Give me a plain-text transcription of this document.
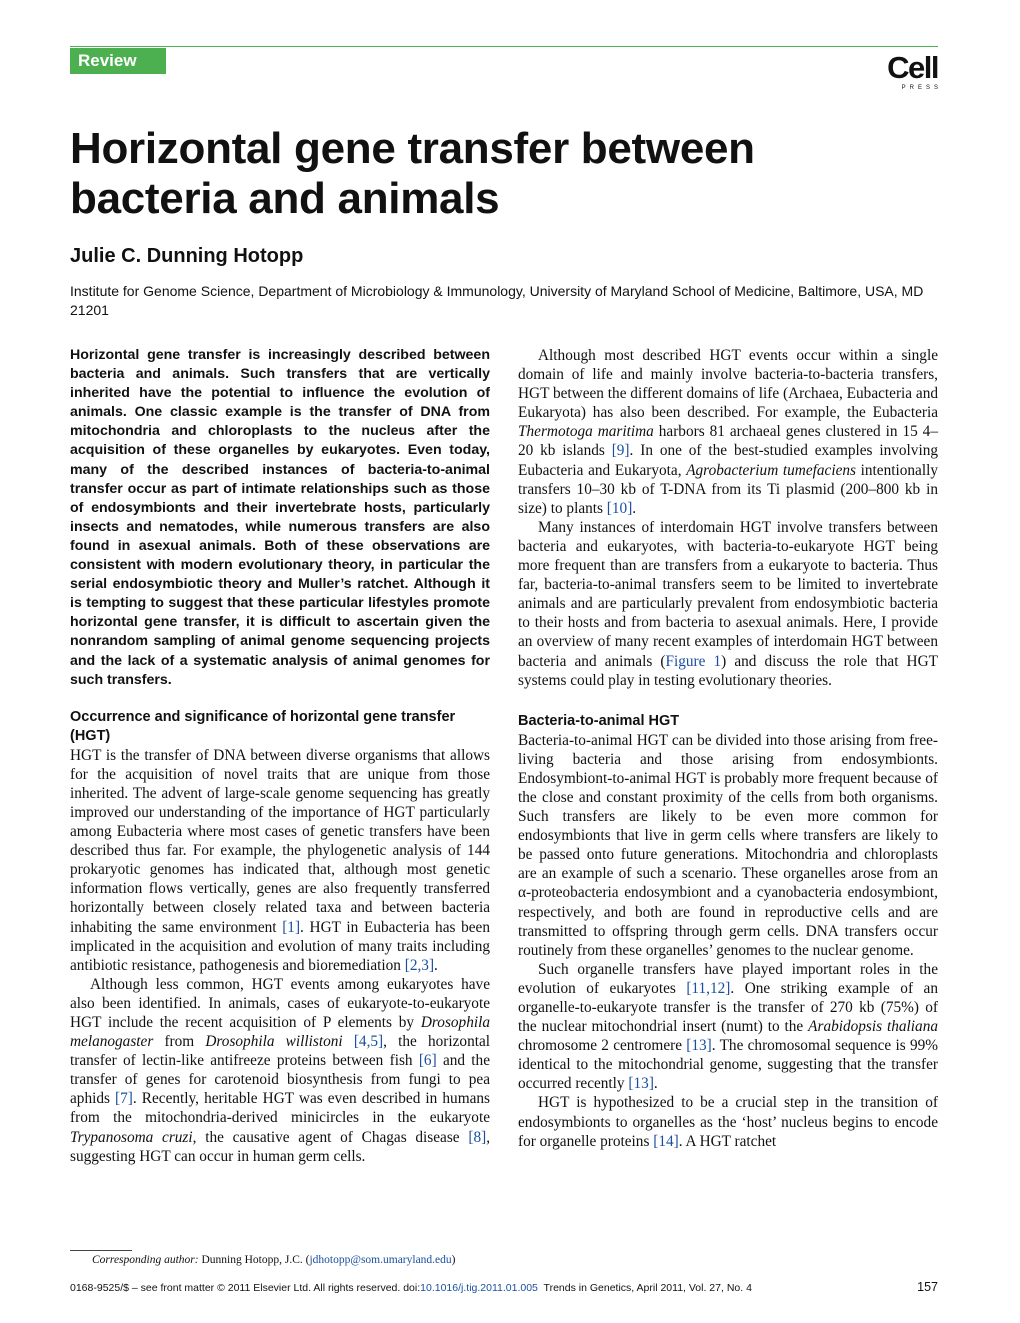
Review	Cell
PRESS
Horizontal gene transfer between bacteria and animals

Julie C. Dunning Hotopp

Institute for Genome Science, Department of Microbiology & Immunology, University of Maryland School of Medicine, Baltimore, USA, MD 21201

Horizontal gene transfer is increasingly described between bacteria and animals. Such transfers that are vertically inherited have the potential to influence the evolution of animals. One classic example is the transfer of DNA from mitochondria and chloroplasts to the nucleus after the acquisition of these organelles by eukaryotes. Even today, many of the described instances of bacteria-to-animal transfer occur as part of intimate relationships such as those of endosymbionts and their invertebrate hosts, particularly insects and nematodes, while numerous transfers are also found in asexual animals. Both of these observations are consistent with modern evolutionary theory, in particular the serial endosymbiotic theory and Muller’s ratchet. Although it is tempting to suggest that these particular lifestyles promote horizontal gene transfer, it is difficult to ascertain given the nonrandom sampling of animal genome sequencing projects and the lack of a systematic analysis of animal genomes for such transfers.

Occurrence and significance of horizontal gene transfer (HGT)

HGT is the transfer of DNA between diverse organisms that allows for the acquisition of novel traits that are unique from those inherited. The advent of large-scale genome sequencing has greatly improved our understanding of the importance of HGT particularly among Eubacteria where most cases of genetic transfers have been described thus far. For example, the phylogenetic analysis of 144 prokaryotic genomes has indicated that, although most genetic information flows vertically, genes are also frequently transferred horizontally between closely related taxa and between bacteria inhabiting the same environment [1]. HGT in Eubacteria has been implicated in the acquisition and evolution of many traits including antibiotic resistance, pathogenesis and bioremediation [2,3].

Although less common, HGT events among eukaryotes have also been identified. In animals, cases of eukaryote-to-eukaryote HGT include the recent acquisition of P elements by Drosophila melanogaster from Drosophila willistoni [4,5], the horizontal transfer of lectin-like antifreeze proteins between fish [6] and the transfer of genes for carotenoid biosynthesis from fungi to pea aphids [7]. Recently, heritable HGT was even described in humans from the mitochondria-derived minicircles in the eukaryote Trypanosoma cruzi, the causative agent of Chagas disease [8], suggesting HGT can occur in human germ cells.

Although most described HGT events occur within a single domain of life and mainly involve bacteria-to-bacteria transfers, HGT between the different domains of life (Archaea, Eubacteria and Eukaryota) has also been described. For example, the Eubacteria Thermotoga maritima harbors 81 archaeal genes clustered in 15 4–20 kb islands [9]. In one of the best-studied examples involving Eubacteria and Eukaryota, Agrobacterium tumefaciens intentionally transfers 10–30 kb of T-DNA from its Ti plasmid (200–800 kb in size) to plants [10].

Many instances of interdomain HGT involve transfers between bacteria and eukaryotes, with bacteria-to-eukaryote HGT being more frequent than are transfers from a eukaryote to bacteria. Thus far, bacteria-to-animal transfers seem to be limited to invertebrate animals and are particularly prevalent from endosymbiotic bacteria to their hosts and from bacteria to asexual animals. Here, I provide an overview of many recent examples of interdomain HGT between bacteria and animals (Figure 1) and discuss the role that HGT systems could play in testing evolutionary theories.

Bacteria-to-animal HGT

Bacteria-to-animal HGT can be divided into those arising from free-living bacteria and those arising from endosymbionts. Endosymbiont-to-animal HGT is probably more frequent because of the close and constant proximity of the cells from both organisms. Such transfers are likely to be even more common for endosymbionts that live in germ cells where transfers are likely to be passed onto future generations. Mitochondria and chloroplasts are an example of such a scenario. These organelles arose from an α-proteobacteria endosymbiont and a cyanobacteria endosymbiont, respectively, and both are found in reproductive cells and are transmitted to offspring through germ cells. DNA transfers occur routinely from these organelles’ genomes to the nuclear genome.

Such organelle transfers have played important roles in the evolution of eukaryotes [11,12]. One striking example of an organelle-to-eukaryote transfer is the transfer of 270 kb (75%) of the nuclear mitochondrial insert (numt) to the Arabidopsis thaliana chromosome 2 centromere [13]. The chromosomal sequence is 99% identical to the mitochondrial genome, suggesting that the transfer occurred recently [13].

HGT is hypothesized to be a crucial step in the transition of endosymbionts to organelles as the ‘host’ nucleus begins to encode for organelle proteins [14]. A HGT ratchet

Corresponding author: Dunning Hotopp, J.C. (jdhotopp@som.umaryland.edu)
0168-9525/$ – see front matter © 2011 Elsevier Ltd. All rights reserved. doi:10.1016/j.tig.2011.01.005  Trends in Genetics, April 2011, Vol. 27, No. 4	157
